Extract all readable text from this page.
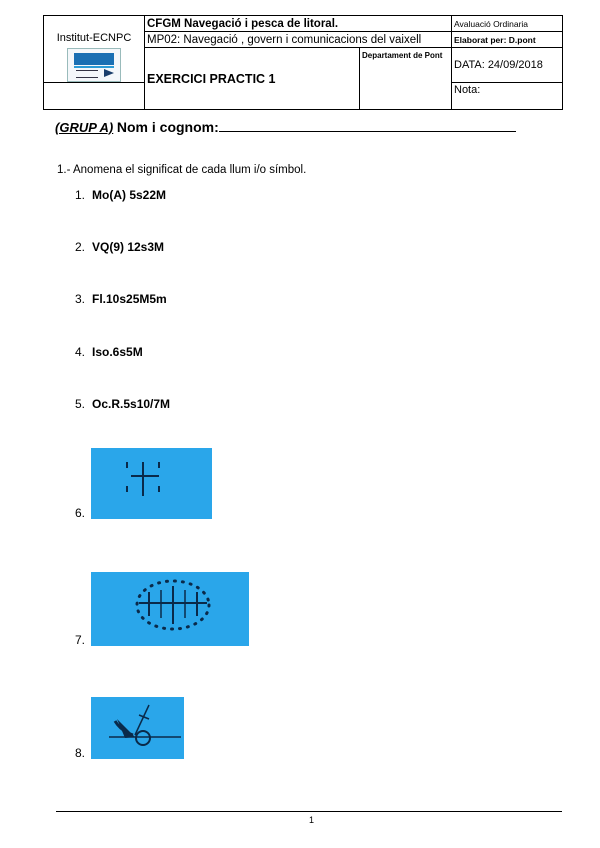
Institut-ECNPC	CFGM Navegació i pesca de litoral.		Avaluació Ordinaria
	MP02: Navegació , govern i comunicacions del vaixell		Elaborat per: D.pont
	EXERCICI PRACTIC 1	Departament de Pont	DATA: 24/09/2018
			Nota:
(GRUP A) Nom i cognom:
1.- Anomena el significat de cada llum i/o símbol.
1. Mo(A) 5s22M
2. VQ(9) 12s3M
3. Fl.10s25M5m
4. Iso.6s5M
5. Oc.R.5s10/7M
6.
7.
8.
1
